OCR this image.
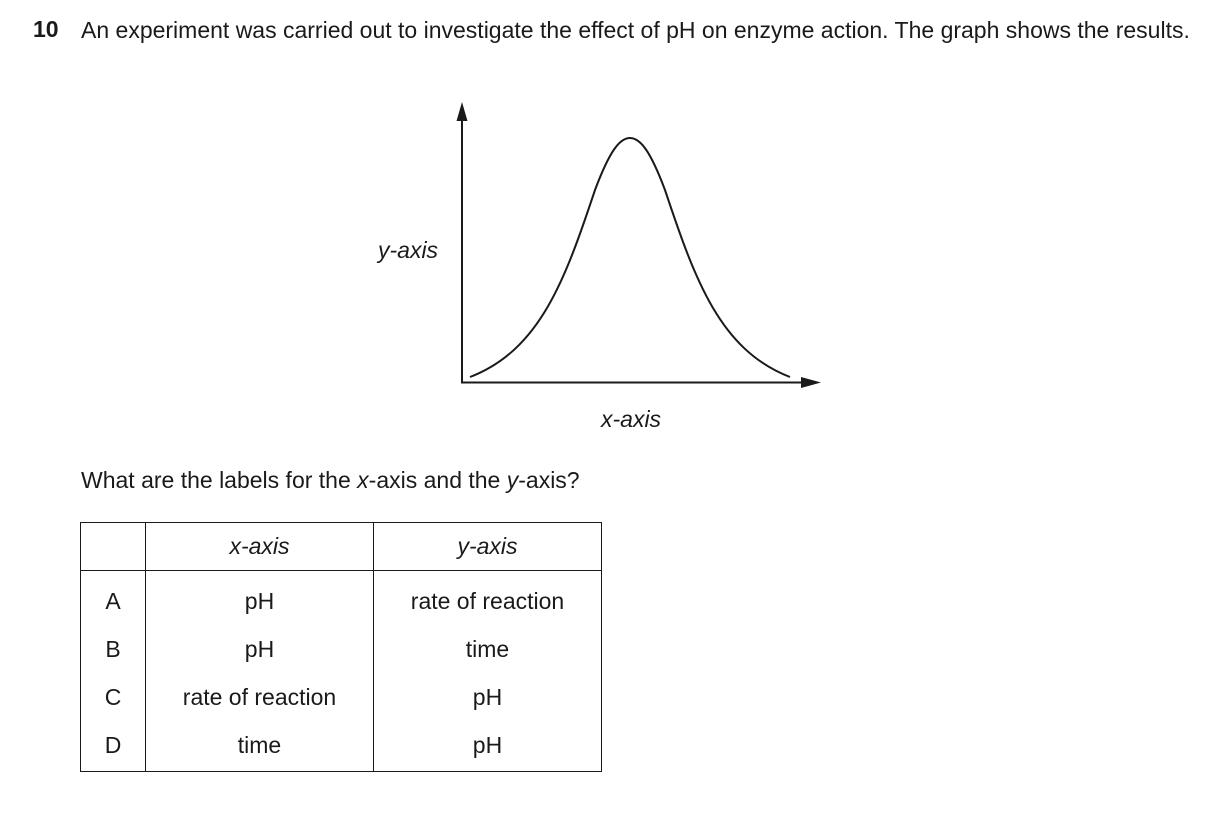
10 An experiment was carried out to investigate the effect of pH on enzyme action. The graph shows the results.
y-axis
x-axis
What are the labels for the x-axis and the y-axis?
	x-axis	y-axis
A	pH	rate of reaction
B	pH	time
C	rate of reaction	pH
D	time	pH
